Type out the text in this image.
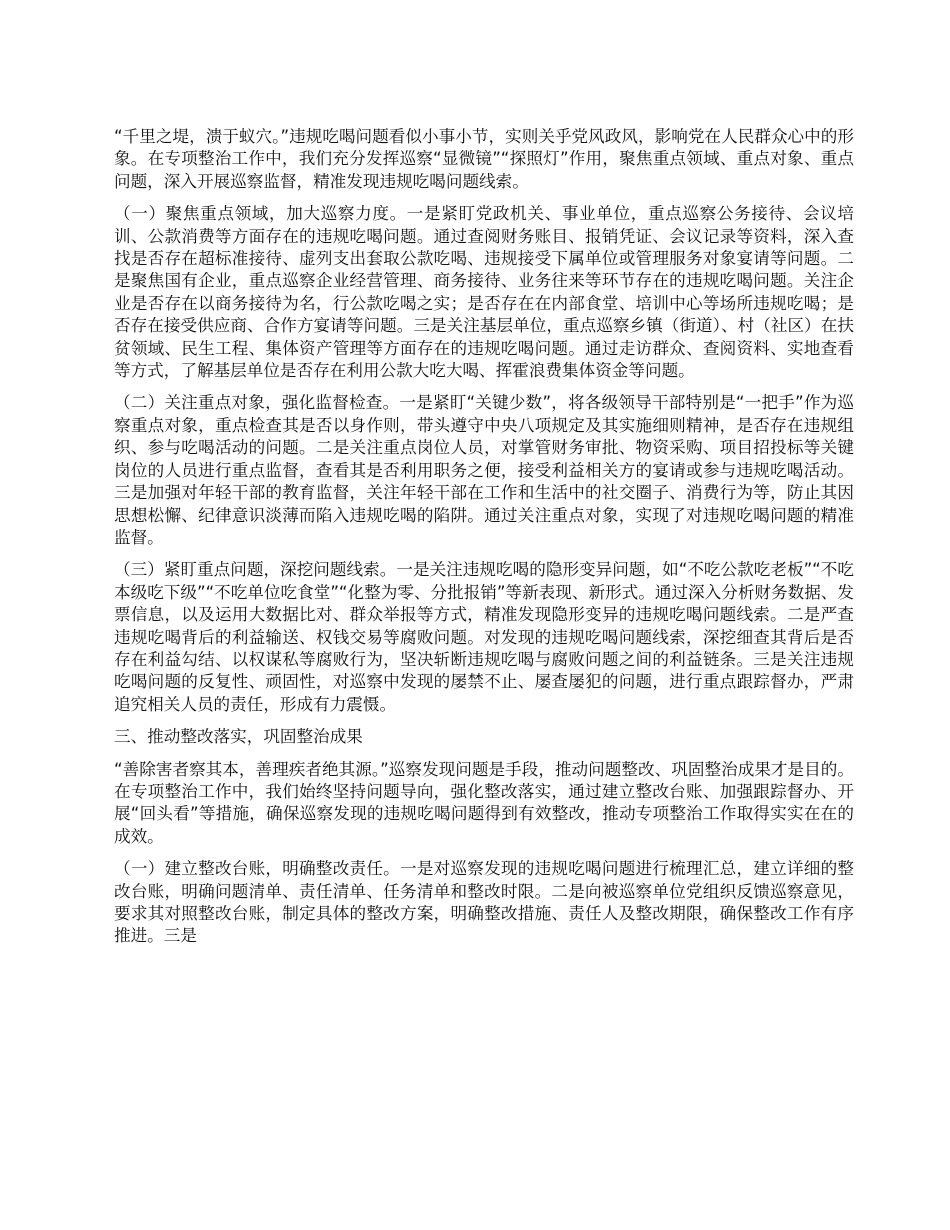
“千里之堤，溃于蚁穴。”违规吃喝问题看似小事小节，实则关乎党风政风，影响党在人民群众心中的形象。在专项整治工作中，我们充分发挥巡察“显微镜”“探照灯”作用，聚焦重点领域、重点对象、重点问题，深入开展巡察监督，精准发现违规吃喝问题线索。

（一）聚焦重点领域，加大巡察力度。一是紧盯党政机关、事业单位，重点巡察公务接待、会议培训、公款消费等方面存在的违规吃喝问题。通过查阅财务账目、报销凭证、会议记录等资料，深入查找是否存在超标准接待、虚列支出套取公款吃喝、违规接受下属单位或管理服务对象宴请等问题。二是聚焦国有企业，重点巡察企业经营管理、商务接待、业务往来等环节存在的违规吃喝问题。关注企业是否存在以商务接待为名，行公款吃喝之实；是否存在在内部食堂、培训中心等场所违规吃喝；是否存在接受供应商、合作方宴请等问题。三是关注基层单位，重点巡察乡镇（街道）、村（社区）在扶贫领域、民生工程、集体资产管理等方面存在的违规吃喝问题。通过走访群众、查阅资料、实地查看等方式，了解基层单位是否存在利用公款大吃大喝、挥霍浪费集体资金等问题。

（二）关注重点对象，强化监督检查。一是紧盯“关键少数”，将各级领导干部特别是“一把手”作为巡察重点对象，重点检查其是否以身作则，带头遵守中央八项规定及其实施细则精神，是否存在违规组织、参与吃喝活动的问题。二是关注重点岗位人员，对掌管财务审批、物资采购、项目招投标等关键岗位的人员进行重点监督，查看其是否利用职务之便，接受利益相关方的宴请或参与违规吃喝活动。三是加强对年轻干部的教育监督，关注年轻干部在工作和生活中的社交圈子、消费行为等，防止其因思想松懈、纪律意识淡薄而陷入违规吃喝的陷阱。通过关注重点对象，实现了对违规吃喝问题的精准监督。

（三）紧盯重点问题，深挖问题线索。一是关注违规吃喝的隐形变异问题，如“不吃公款吃老板”“不吃本级吃下级”“不吃单位吃食堂”“化整为零、分批报销”等新表现、新形式。通过深入分析财务数据、发票信息，以及运用大数据比对、群众举报等方式，精准发现隐形变异的违规吃喝问题线索。二是严查违规吃喝背后的利益输送、权钱交易等腐败问题。对发现的违规吃喝问题线索，深挖细查其背后是否存在利益勾结、以权谋私等腐败行为，坚决斩断违规吃喝与腐败问题之间的利益链条。三是关注违规吃喝问题的反复性、顽固性，对巡察中发现的屡禁不止、屡查屡犯的问题，进行重点跟踪督办，严肃追究相关人员的责任，形成有力震慑。

三、推动整改落实，巩固整治成果

“善除害者察其本，善理疾者绝其源。”巡察发现问题是手段，推动问题整改、巩固整治成果才是目的。在专项整治工作中，我们始终坚持问题导向，强化整改落实，通过建立整改台账、加强跟踪督办、开展“回头看”等措施，确保巡察发现的违规吃喝问题得到有效整改，推动专项整治工作取得实实在在的成效。

（一）建立整改台账，明确整改责任。一是对巡察发现的违规吃喝问题进行梳理汇总，建立详细的整改台账，明确问题清单、责任清单、任务清单和整改时限。二是向被巡察单位党组织反馈巡察意见，要求其对照整改台账，制定具体的整改方案，明确整改措施、责任人及整改期限，确保整改工作有序推进。三是
